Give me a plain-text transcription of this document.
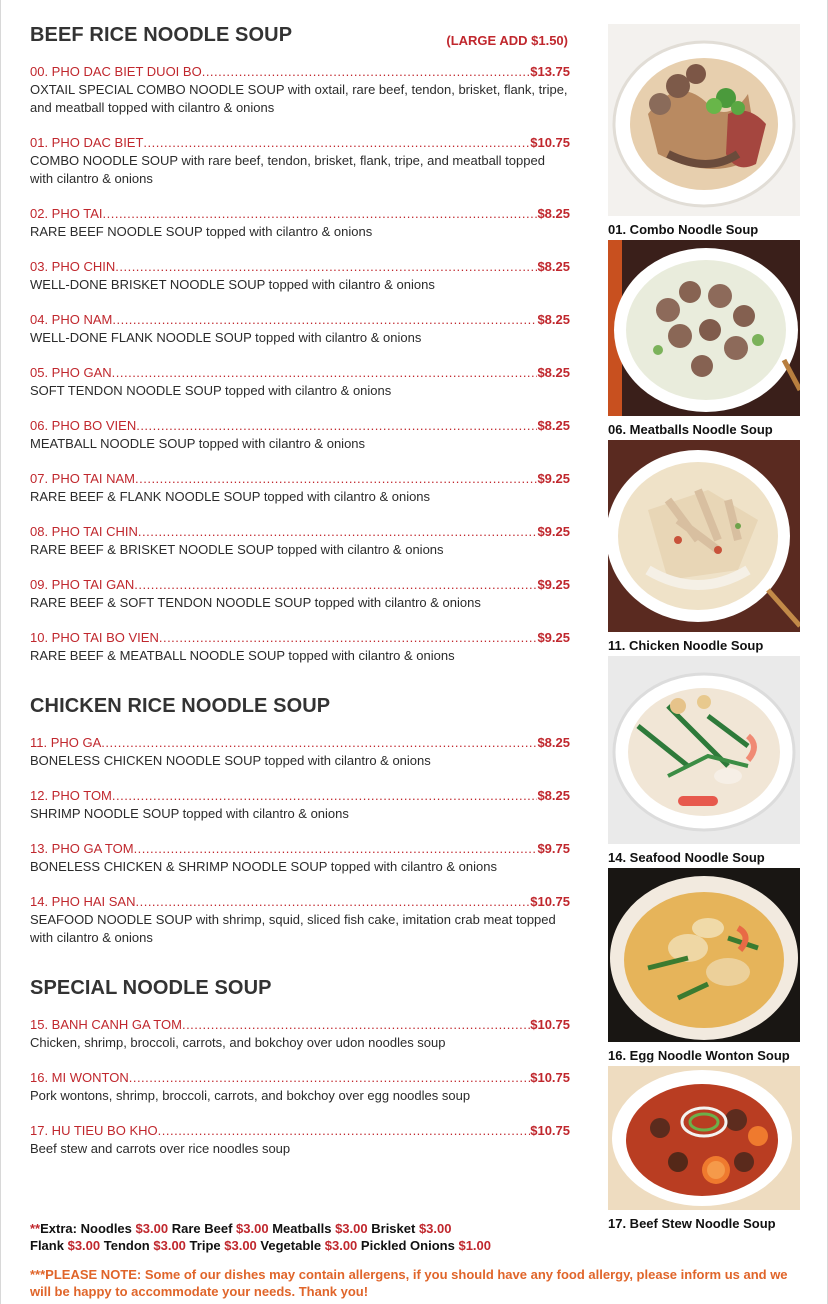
BEEF RICE NOODLE SOUP	(LARGE ADD $1.50)
00. PHO DAC BIET DUOI BO .....	$13.75
OXTAIL SPECIAL COMBO NOODLE SOUP with oxtail, rare beef, tendon, brisket, flank, tripe, and meatball topped with cilantro & onions
01. PHO DAC BIET .....	$10.75
COMBO NOODLE SOUP with rare beef, tendon, brisket, flank, tripe, and meatball topped with cilantro & onions
02. PHO TAI .....	$8.25
RARE BEEF NOODLE SOUP topped with cilantro & onions
03. PHO CHIN .....	$8.25
WELL-DONE BRISKET NOODLE SOUP topped with cilantro & onions
04. PHO NAM .....	$8.25
WELL-DONE FLANK NOODLE SOUP topped with cilantro & onions
05. PHO GAN .....	$8.25
SOFT TENDON NOODLE SOUP topped with cilantro & onions
06. PHO BO VIEN .....	$8.25
MEATBALL NOODLE SOUP topped with cilantro & onions
07. PHO TAI NAM .....	$9.25
RARE BEEF & FLANK NOODLE SOUP topped with cilantro & onions
08. PHO TAI CHIN .....	$9.25
RARE BEEF & BRISKET NOODLE SOUP topped with cilantro & onions
09. PHO TAI GAN .....	$9.25
RARE BEEF & SOFT TENDON NOODLE SOUP topped with cilantro & onions
10. PHO TAI BO VIEN .....	$9.25
RARE BEEF & MEATBALL NOODLE SOUP topped with cilantro & onions
CHICKEN RICE NOODLE SOUP
11. PHO GA .....	$8.25
BONELESS CHICKEN NOODLE SOUP topped with cilantro & onions
12. PHO TOM .....	$8.25
SHRIMP NOODLE SOUP topped with cilantro & onions
13. PHO GA TOM .....	$9.75
BONELESS CHICKEN & SHRIMP NOODLE SOUP topped with cilantro & onions
14. PHO HAI SAN .....	$10.75
SEAFOOD NOODLE SOUP with shrimp, squid, sliced fish cake, imitation crab meat topped with cilantro & onions
SPECIAL NOODLE SOUP
15. BANH CANH GA TOM .....	$10.75
Chicken, shrimp, broccoli, carrots, and bokchoy over udon noodles soup
16. MI WONTON .....	$10.75
Pork wontons, shrimp, broccoli, carrots, and bokchoy over egg noodles soup
17. HU TIEU BO KHO .....	$10.75
Beef stew and carrots over rice noodles soup
**Extra: Noodles $3.00 Rare Beef $3.00 Meatballs $3.00 Brisket $3.00
Flank $3.00 Tendon $3.00 Tripe $3.00 Vegetable $3.00 Pickled Onions $1.00
***PLEASE NOTE: Some of our dishes may contain allergens, if you should have any food allergy, please inform us and we will be happy to accommodate your needs. Thank you!
01. Combo Noodle Soup
06. Meatballs Noodle Soup
11. Chicken Noodle Soup
14. Seafood Noodle Soup
16. Egg Noodle Wonton Soup
17. Beef Stew Noodle Soup
